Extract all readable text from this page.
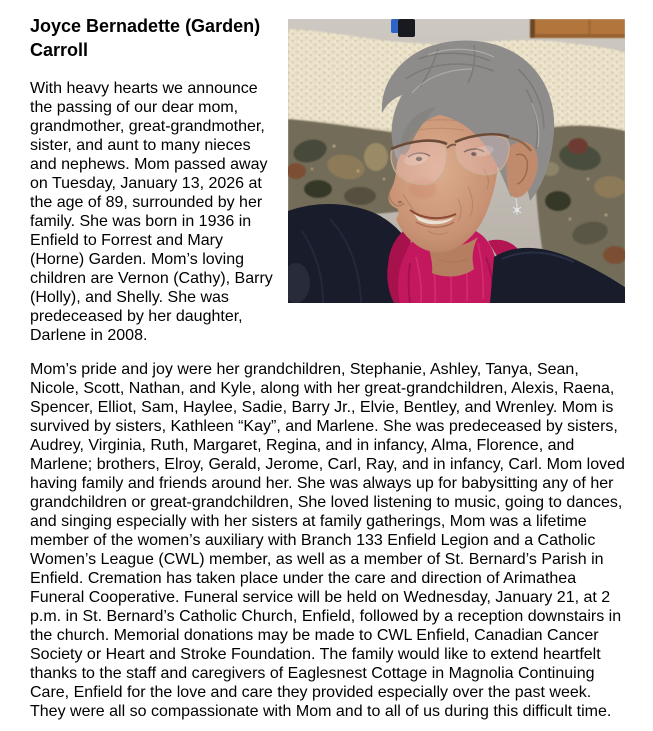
Joyce Bernadette (Garden) Carroll

With heavy hearts we announce the passing of our dear mom, grandmother, great-grandmother, sister, and aunt to many nieces and nephews. Mom passed away on Tuesday, January 13, 2026 at the age of 89, surrounded by her family. She was born in 1936 in Enfield to Forrest and Mary (Horne) Garden. Mom’s loving children are Vernon (Cathy), Barry (Holly), and Shelly. She was predeceased by her daughter, Darlene in 2008.

Mom’s pride and joy were her grandchildren, Stephanie, Ashley, Tanya, Sean, Nicole, Scott, Nathan, and Kyle, along with her great-grandchildren, Alexis, Raena, Spencer, Elliot, Sam, Haylee, Sadie, Barry Jr., Elvie, Bentley, and Wrenley. Mom is survived by sisters, Kathleen “Kay”, and Marlene. She was predeceased by sisters, Audrey, Virginia, Ruth, Margaret, Regina, and in infancy, Alma, Florence, and Marlene; brothers, Elroy, Gerald, Jerome, Carl, Ray, and in infancy, Carl. Mom loved having family and friends around her. She was always up for babysitting any of her grandchildren or great-grandchildren, She loved listening to music, going to dances, and singing especially with her sisters at family gatherings, Mom was a lifetime member of the women’s auxiliary with Branch 133 Enfield Legion and a Catholic Women’s League (CWL) member, as well as a member of St. Bernard’s Parish in Enfield. Cremation has taken place under the care and direction of Arimathea Funeral Cooperative. Funeral service will be held on Wednesday, January 21, at 2 p.m. in St. Bernard’s Catholic Church, Enfield, followed by a reception downstairs in the church. Memorial donations may be made to CWL Enfield, Canadian Cancer Society or Heart and Stroke Foundation. The family would like to extend heartfelt thanks to the staff and caregivers of Eaglesnest Cottage in Magnolia Continuing Care, Enfield for the love and care they provided especially over the past week. They were all so compassionate with Mom and to all of us during this difficult time.
